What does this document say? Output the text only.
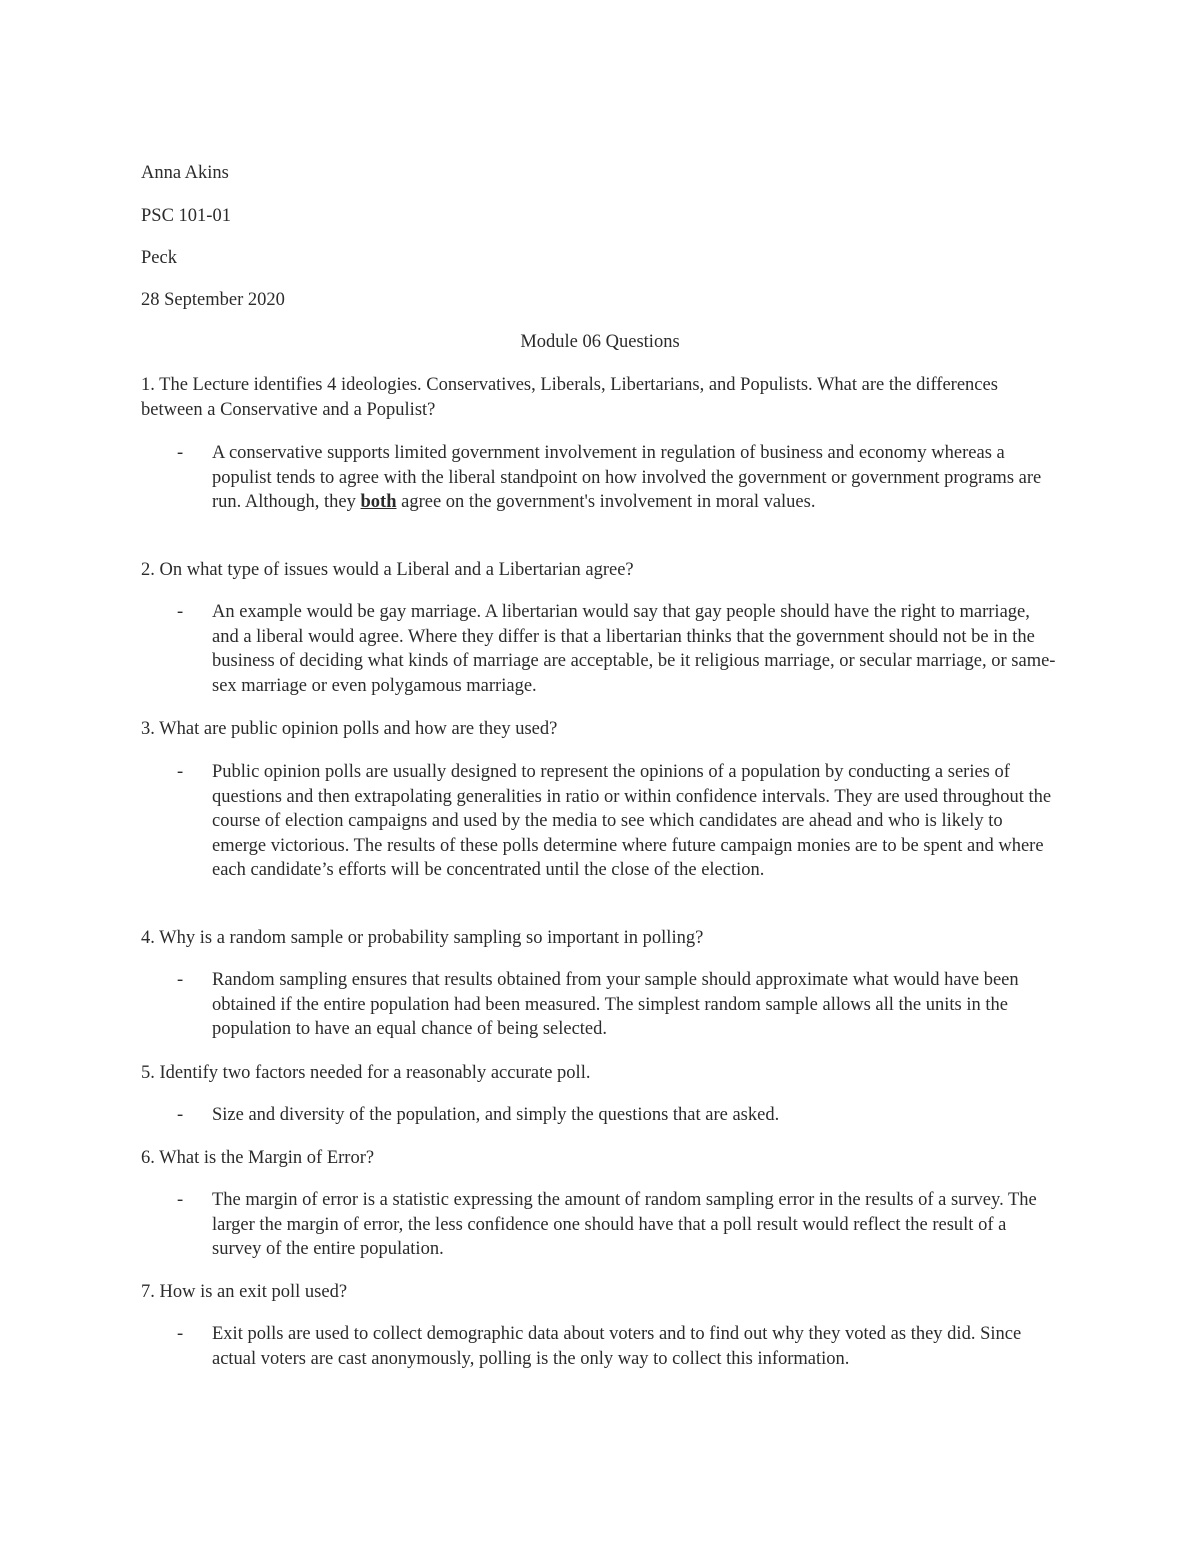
Anna Akins

PSC 101-01

Peck

28 September 2020

Module 06 Questions

1. The Lecture identifies 4 ideologies. Conservatives, Liberals, Libertarians, and Populists. What are the differences between a Conservative and a Populist?

- A conservative supports limited government involvement in regulation of business and economy whereas a populist tends to agree with the liberal standpoint on how involved the government or government programs are run. Although, they both agree on the government's involvement in moral values.

2. On what type of issues would a Liberal and a Libertarian agree?

- An example would be gay marriage. A libertarian would say that gay people should have the right to marriage, and a liberal would agree. Where they differ is that a libertarian thinks that the government should not be in the business of deciding what kinds of marriage are acceptable, be it religious marriage, or secular marriage, or same-sex marriage or even polygamous marriage.

3. What are public opinion polls and how are they used?

- Public opinion polls are usually designed to represent the opinions of a population by conducting a series of questions and then extrapolating generalities in ratio or within confidence intervals. They are used throughout the course of election campaigns and used by the media to see which candidates are ahead and who is likely to emerge victorious. The results of these polls determine where future campaign monies are to be spent and where each candidate’s efforts will be concentrated until the close of the election.

4. Why is a random sample or probability sampling so important in polling?

- Random sampling ensures that results obtained from your sample should approximate what would have been obtained if the entire population had been measured. The simplest random sample allows all the units in the population to have an equal chance of being selected.

5. Identify two factors needed for a reasonably accurate poll.

- Size and diversity of the population, and simply the questions that are asked.

6. What is the Margin of Error?

- The margin of error is a statistic expressing the amount of random sampling error in the results of a survey. The larger the margin of error, the less confidence one should have that a poll result would reflect the result of a survey of the entire population.

7. How is an exit poll used?

- Exit polls are used to collect demographic data about voters and to find out why they voted as they did. Since actual voters are cast anonymously, polling is the only way to collect this information.
